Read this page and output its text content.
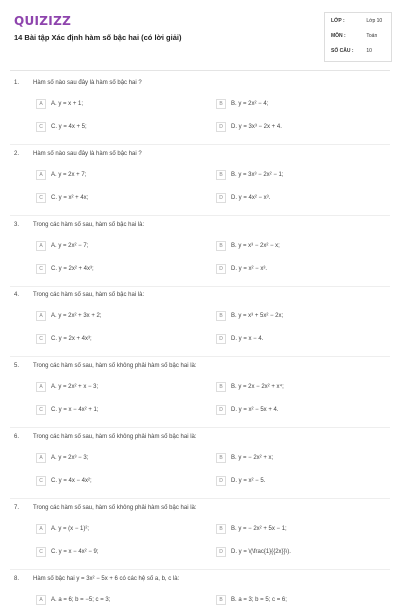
QUIZIZZ
14 Bài tập Xác định hàm số bậc hai (có lời giải)
LỚP :	Lớp 10
MÔN :	Toán
SỐ CÂU :	10
1. Hàm số nào sau đây là hàm số bậc hai ?
A A. y = x + 1;	B B. y = 2x² − 4;
C C. y = 4x + 5;	D D. y = 3x³ − 2x + 4.
2. Hàm số nào sau đây là hàm số bậc hai ?
A A. y = 2x + 7;	B B. y = 3x³ − 2x² − 1;
C C. y = x² + 4x;	D D. y = 4x² − x³.
3. Trong các hàm số sau, hàm số bậc hai là:
A A. y = 2x² − 7;	B B. y = x³ − 2x² − x;
C C. y = 2x² + 4x³;	D D. y = x² − x³.
4. Trong các hàm số sau, hàm số bậc hai là:
A A. y = 2x² + 3x + 2;	B B. y = x³ + 5x² − 2x;
C C. y = 2x + 4x³;	D D. y = x − 4.
5. Trong các hàm số sau, hàm số không phải hàm số bậc hai là:
A A. y = 2x² + x − 3;	B B. y = 2x − 2x² + x⁴;
C C. y = x − 4x² + 1;	D D. y = x² − 5x + 4.
6. Trong các hàm số sau, hàm số không phải hàm số bậc hai là:
A A. y = 2x³ − 3;	B B. y = − 2x² + x;
C C. y = 4x − 4x²;	D D. y = x² − 5.
7. Trong các hàm số sau, hàm số không phải hàm số bậc hai là:
A A. y = (x − 1)²;	B B. y = − 2x² + 5x − 1;
C C. y = x − 4x² − 9;	D D. y = \(\frac{1}{{2x}}\).
8. Hàm số bậc hai y = 3x² − 5x + 6 có các hệ số a, b, c là:
A A. a = 6; b = −5; c = 3;	B B. a = 3; b = 5; c = 6;
